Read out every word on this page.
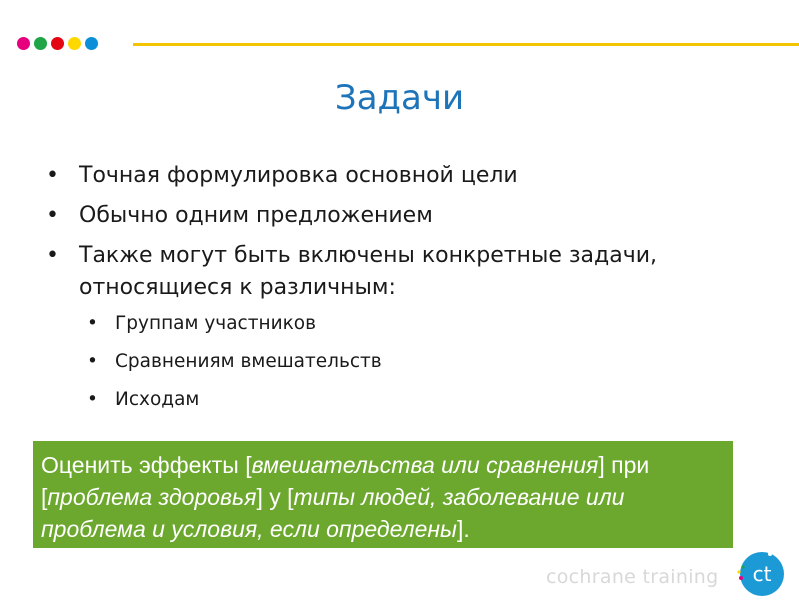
Задачи
• Точная формулировка основной цели
• Обычно одним предложением
• Также могут быть включены конкретные задачи, относящиеся к различным:
• Группам участников
• Сравнениям вмешательств
• Исходам
Оценить эффекты [вмешательства или сравнения] при [проблема здоровья] у [типы людей, заболевание или проблема и условия, если определены].
cochrane training ct
